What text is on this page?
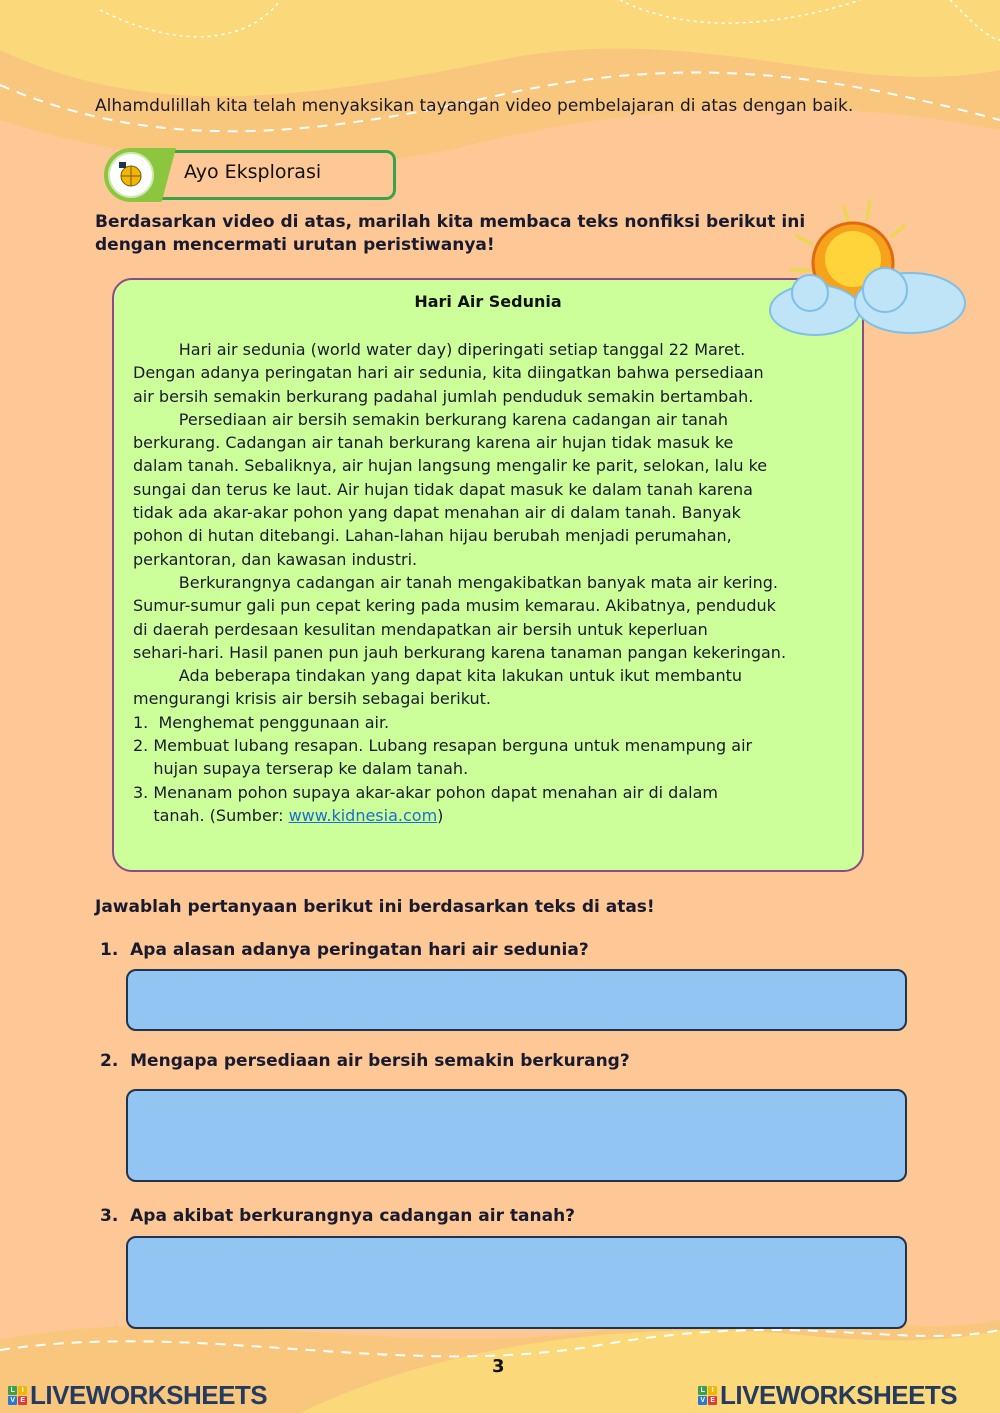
Alhamdulillah kita telah menyaksikan tayangan video pembelajaran di atas dengan baik.
Ayo Eksplorasi
Berdasarkan video di atas, marilah kita membaca teks nonfiksi berikut ini dengan mencermati urutan peristiwanya!
Hari Air Sedunia
Hari air sedunia (world water day) diperingati setiap tanggal 22 Maret.
Dengan adanya peringatan hari air sedunia, kita diingatkan bahwa persediaan
air bersih semakin berkurang padahal jumlah penduduk semakin bertambah.
Persediaan air bersih semakin berkurang karena cadangan air tanah
berkurang. Cadangan air tanah berkurang karena air hujan tidak masuk ke
dalam tanah. Sebaliknya, air hujan langsung mengalir ke parit, selokan, lalu ke
sungai dan terus ke laut. Air hujan tidak dapat masuk ke dalam tanah karena
tidak ada akar-akar pohon yang dapat menahan air di dalam tanah. Banyak
pohon di hutan ditebangi. Lahan-lahan hijau berubah menjadi perumahan,
perkantoran, dan kawasan industri.
Berkurangnya cadangan air tanah mengakibatkan banyak mata air kering.
Sumur-sumur gali pun cepat kering pada musim kemarau. Akibatnya, penduduk
di daerah perdesaan kesulitan mendapatkan air bersih untuk keperluan
sehari-hari. Hasil panen pun jauh berkurang karena tanaman pangan kekeringan.
Ada beberapa tindakan yang dapat kita lakukan untuk ikut membantu
mengurangi krisis air bersih sebagai berikut.
1.  Menghemat penggunaan air.
2. Membuat lubang resapan. Lubang resapan berguna untuk menampung air
hujan supaya terserap ke dalam tanah.
3. Menanam pohon supaya akar-akar pohon dapat menahan air di dalam
tanah. (Sumber: www.kidnesia.com)
Jawablah pertanyaan berikut ini berdasarkan teks di atas!
1. Apa alasan adanya peringatan hari air sedunia?
2. Mengapa persediaan air bersih semakin berkurang?
3. Apa akibat berkurangnya cadangan air tanah?
3
L	I
V E LIVEWORKSHEETS	L	I
V E LIVEWORKSHEETS
